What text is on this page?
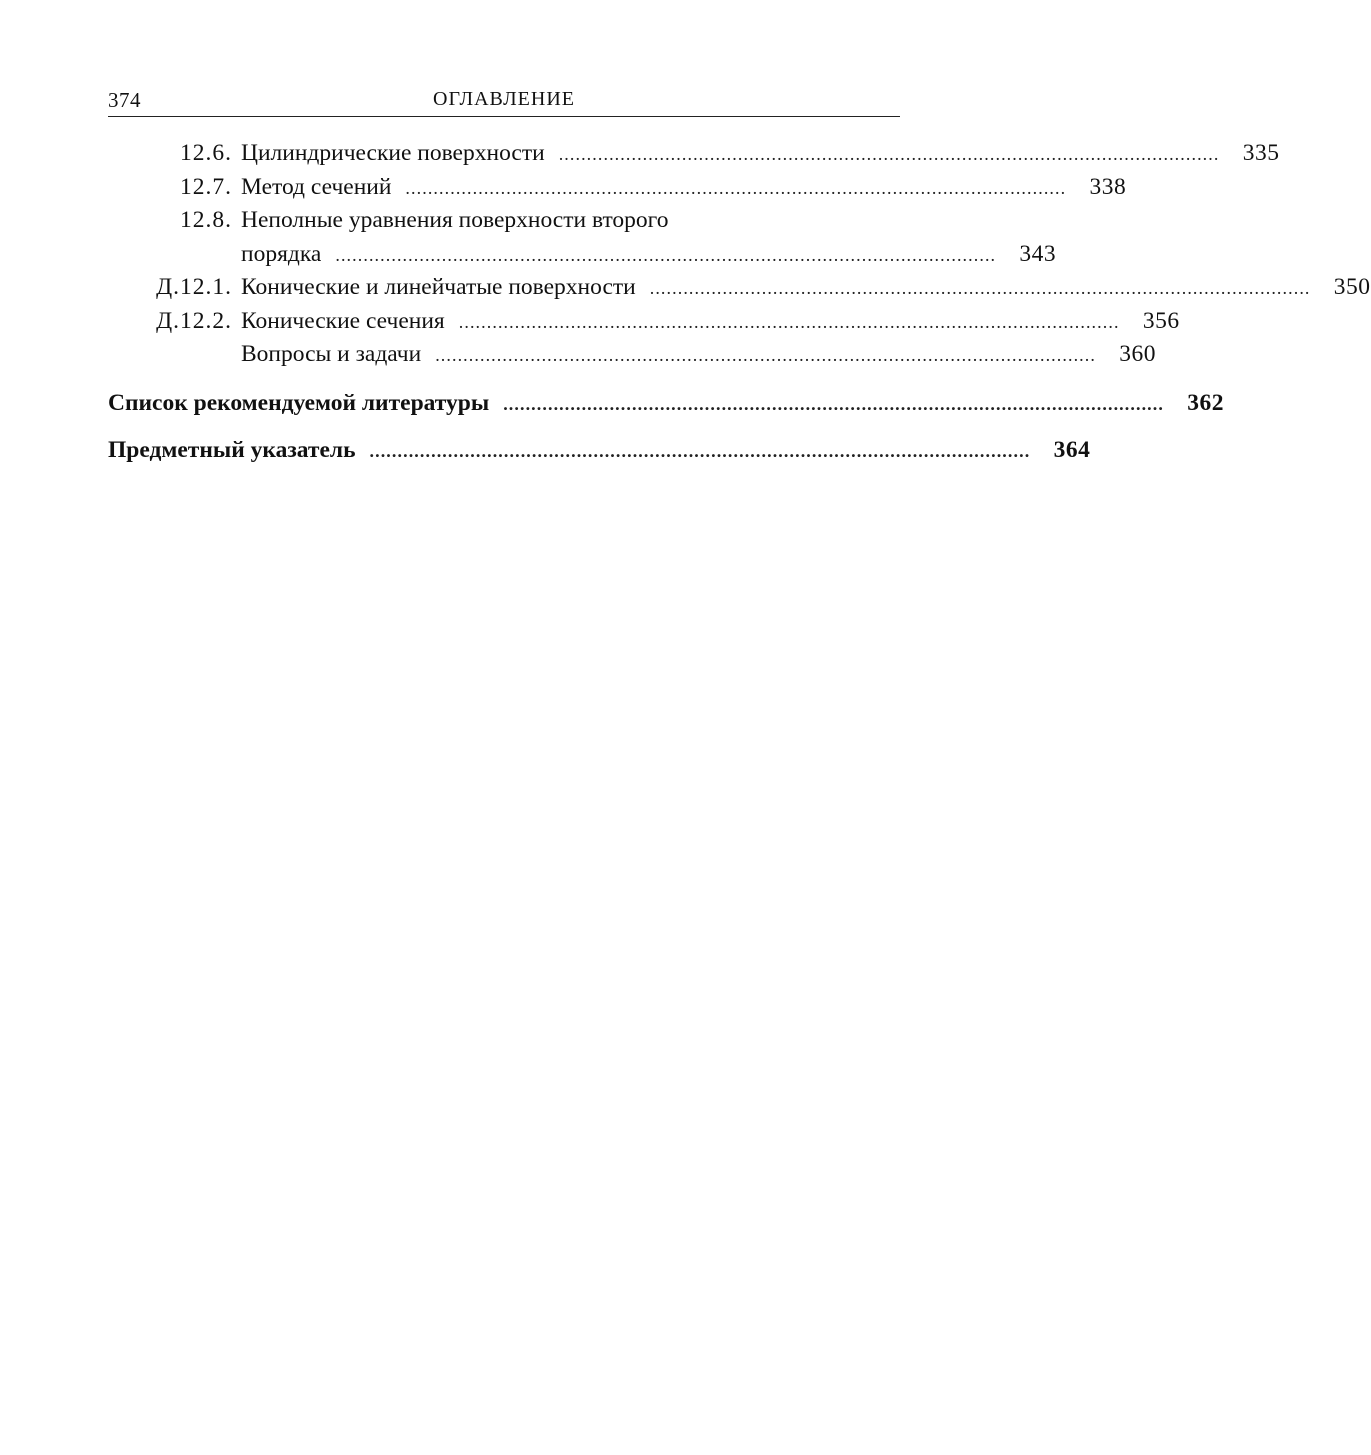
374	ОГЛАВЛЕНИЕ
12.6. Цилиндрические поверхности ...................................................................................................................... 335
12.7. Метод сечений ...................................................................................................................... 338
12.8. Неполные уравнения поверхности второго
порядка ...................................................................................................................... 343
Д.12.1. Конические и линейчатые поверхности ...................................................................................................................... 350
Д.12.2. Конические сечения ...................................................................................................................... 356
Вопросы и задачи ...................................................................................................................... 360
Список рекомендуемой литературы ...................................................................................................................... 362
Предметный указатель ...................................................................................................................... 364
